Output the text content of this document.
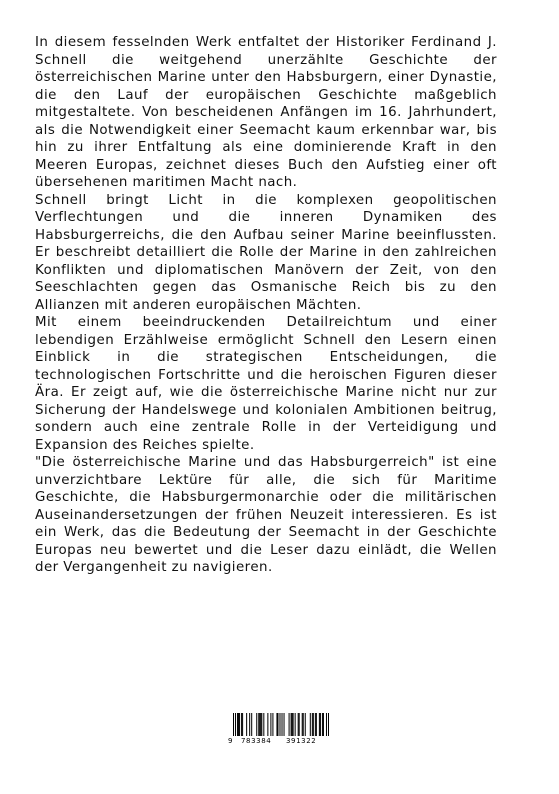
In diesem fesselnden Werk entfaltet der Historiker Ferdinand J. Schnell die weitgehend unerzählte Geschichte der österreichischen Marine unter den Habsburgern, einer Dynastie, die den Lauf der europäischen Geschichte maßgeblich mitgestaltete. Von bescheidenen Anfängen im 16. Jahrhundert, als die Notwendigkeit einer Seemacht kaum erkennbar war, bis hin zu ihrer Entfaltung als eine dominierende Kraft in den Meeren Europas, zeichnet dieses Buch den Aufstieg einer oft übersehenen maritimen Macht nach.

Schnell bringt Licht in die komplexen geopolitischen Verflechtungen und die inneren Dynamiken des Habsburgerreichs, die den Aufbau seiner Marine beeinflussten. Er beschreibt detailliert die Rolle der Marine in den zahlreichen Konflikten und diplomatischen Manövern der Zeit, von den Seeschlachten gegen das Osmanische Reich bis zu den Allianzen mit anderen europäischen Mächten.

Mit einem beeindruckenden Detailreichtum und einer lebendigen Erzählweise ermöglicht Schnell den Lesern einen Einblick in die strategischen Entscheidungen, die technologischen Fortschritte und die heroischen Figuren dieser Ära. Er zeigt auf, wie die österreichische Marine nicht nur zur Sicherung der Handelswege und kolonialen Ambitionen beitrug, sondern auch eine zentrale Rolle in der Verteidigung und Expansion des Reiches spielte.

"Die österreichische Marine und das Habsburgerreich" ist eine unverzichtbare Lektüre für alle, die sich für Maritime Geschichte, die Habsburgermonarchie oder die militärischen Auseinandersetzungen der frühen Neuzeit interessieren. Es ist ein Werk, das die Bedeutung der Seemacht in der Geschichte Europas neu bewertet und die Leser dazu einlädt, die Wellen der Vergangenheit zu navigieren.

9 783384 391322
